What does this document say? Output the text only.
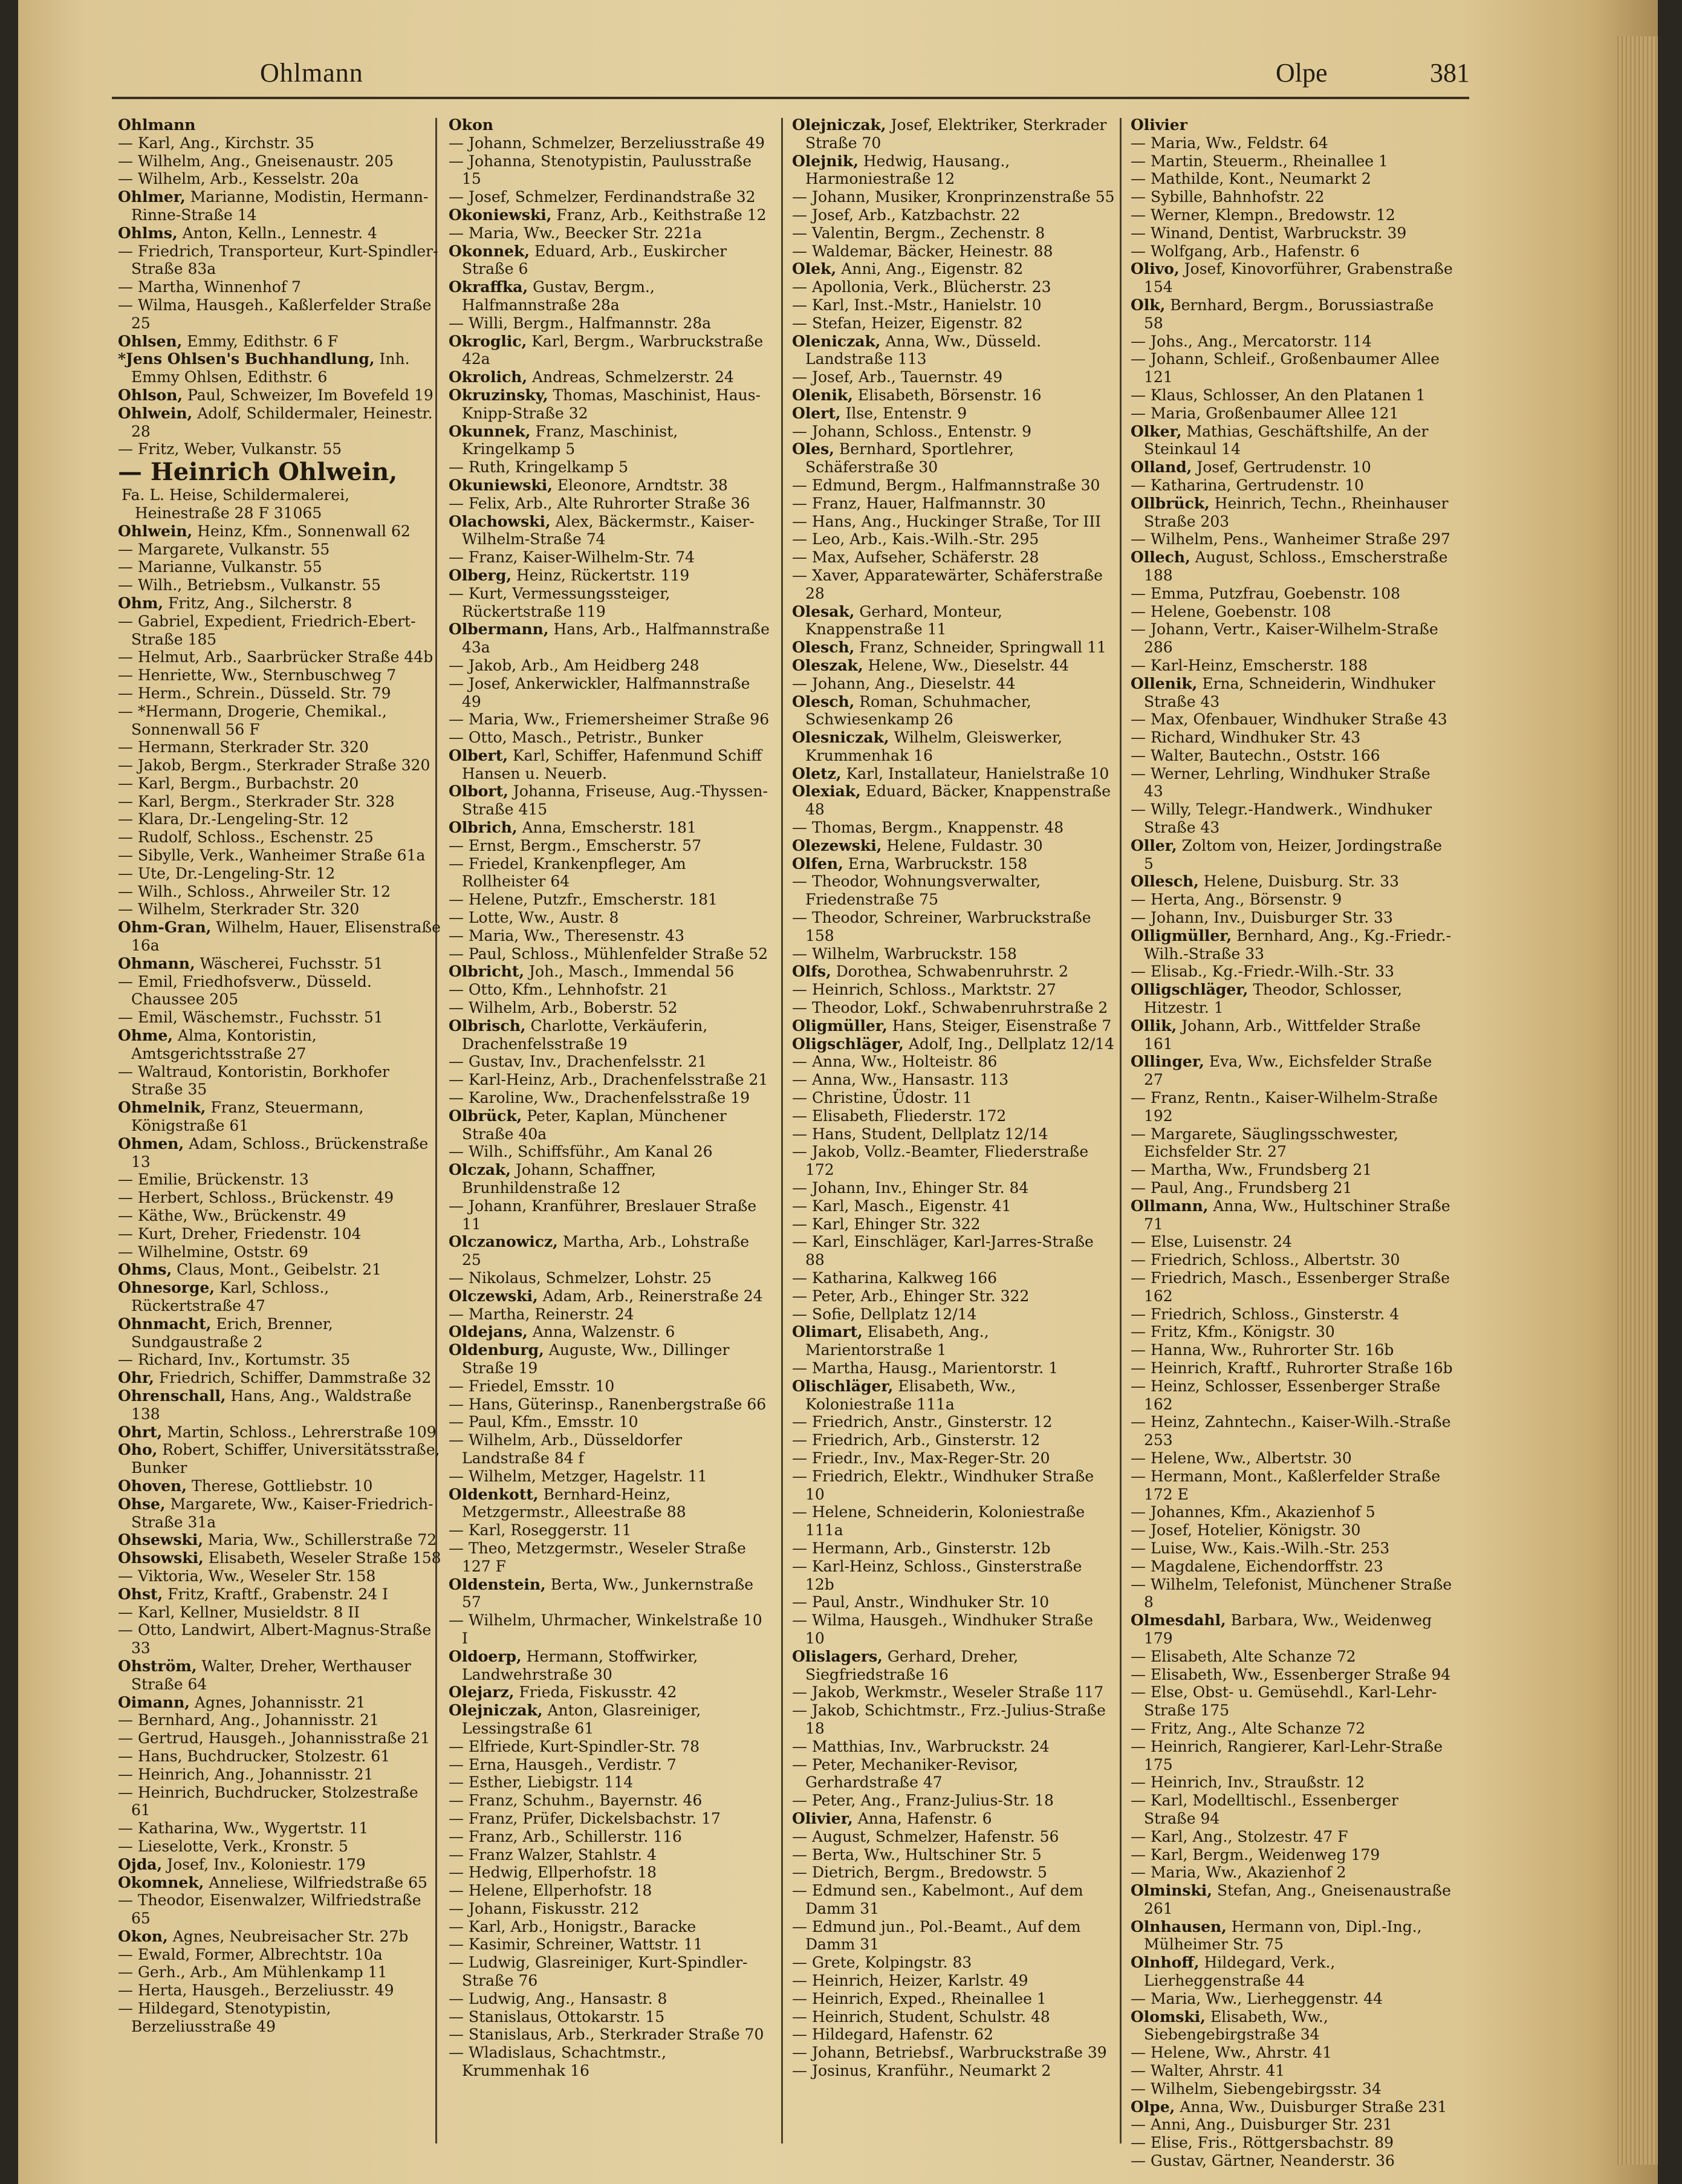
Ohlmann	Olpe	381
Ohlmann
— Karl, Ang., Kirchstr. 35
— Wilhelm, Ang., Gneisenaustr. 205
— Wilhelm, Arb., Kesselstr. 20a
Ohlmer, Marianne, Modistin, Hermann-Rinne-Straße 14
Ohlms, Anton, Kelln., Lennestr. 4
— Friedrich, Transporteur, Kurt-Spindler-Straße 83a
— Martha, Winnenhof 7
— Wilma, Hausgeh., Kaßlerfelder Straße 25
Ohlsen, Emmy, Edithstr. 6 F
*Jens Ohlsen's Buchhandlung, Inh. Emmy Ohlsen, Edithstr. 6
Ohlson, Paul, Schweizer, Im Bovefeld 19
Ohlwein, Adolf, Schildermaler, Heinestr. 28
— Fritz, Weber, Vulkanstr. 55
— Heinrich Ohlwein,
Fa. L. Heise, Schildermalerei, Heinestraße 28 F 31065
Ohlwein, Heinz, Kfm., Sonnenwall 62
— Margarete, Vulkanstr. 55
— Marianne, Vulkanstr. 55
— Wilh., Betriebsm., Vulkanstr. 55
Ohm, Fritz, Ang., Silcherstr. 8
— Gabriel, Expedient, Friedrich-Ebert-Straße 185
— Helmut, Arb., Saarbrücker Straße 44b
— Henriette, Ww., Sternbuschweg 7
— Herm., Schrein., Düsseld. Str. 79
— *Hermann, Drogerie, Chemikal., Sonnenwall 56 F
— Hermann, Sterkrader Str. 320
— Jakob, Bergm., Sterkrader Straße 320
— Karl, Bergm., Burbachstr. 20
— Karl, Bergm., Sterkrader Str. 328
— Klara, Dr.-Lengeling-Str. 12
— Rudolf, Schloss., Eschenstr. 25
— Sibylle, Verk., Wanheimer Straße 61a
— Ute, Dr.-Lengeling-Str. 12
— Wilh., Schloss., Ahrweiler Str. 12
— Wilhelm, Sterkrader Str. 320
Ohm-Gran, Wilhelm, Hauer, Elisenstraße 16a
Ohmann, Wäscherei, Fuchsstr. 51
— Emil, Friedhofsverw., Düsseld. Chaussee 205
— Emil, Wäschemstr., Fuchsstr. 51
Ohme, Alma, Kontoristin, Amtsgerichtsstraße 27
— Waltraud, Kontoristin, Borkhofer Straße 35
Ohmelnik, Franz, Steuermann, Königstraße 61
Ohmen, Adam, Schloss., Brückenstraße 13
— Emilie, Brückenstr. 13
— Herbert, Schloss., Brückenstr. 49
— Käthe, Ww., Brückenstr. 49
— Kurt, Dreher, Friedenstr. 104
— Wilhelmine, Oststr. 69
Ohms, Claus, Mont., Geibelstr. 21
Ohnesorge, Karl, Schloss., Rückertstraße 47
Ohnmacht, Erich, Brenner, Sundgaustraße 2
— Richard, Inv., Kortumstr. 35
Ohr, Friedrich, Schiffer, Dammstraße 32
Ohrenschall, Hans, Ang., Waldstraße 138
Ohrt, Martin, Schloss., Lehrerstraße 109
Oho, Robert, Schiffer, Universitätsstraße, Bunker
Ohoven, Therese, Gottliebstr. 10
Ohse, Margarete, Ww., Kaiser-Friedrich-Straße 31a
Ohsewski, Maria, Ww., Schillerstraße 72
Ohsowski, Elisabeth, Weseler Straße 158
— Viktoria, Ww., Weseler Str. 158
Ohst, Fritz, Kraftf., Grabenstr. 24 I
— Karl, Kellner, Musieldstr. 8 II
— Otto, Landwirt, Albert-Magnus-Straße 33
Ohström, Walter, Dreher, Werthauser Straße 64
Oimann, Agnes, Johannisstr. 21
— Bernhard, Ang., Johannisstr. 21
— Gertrud, Hausgeh., Johannisstraße 21
— Hans, Buchdrucker, Stolzestr. 61
— Heinrich, Ang., Johannisstr. 21
— Heinrich, Buchdrucker, Stolzestraße 61
— Katharina, Ww., Wygertstr. 11
— Lieselotte, Verk., Kronstr. 5
Ojda, Josef, Inv., Koloniestr. 179
Okomnek, Anneliese, Wilfriedstraße 65
— Theodor, Eisenwalzer, Wilfriedstraße 65
Okon, Agnes, Neubreisacher Str. 27b
— Ewald, Former, Albrechtstr. 10a
— Gerh., Arb., Am Mühlenkamp 11
— Herta, Hausgeh., Berzeliusstr. 49
— Hildegard, Stenotypistin, Berzeliusstraße 49
Okon
— Johann, Schmelzer, Berzeliusstraße 49
— Johanna, Stenotypistin, Paulusstraße 15
— Josef, Schmelzer, Ferdinandstraße 32
Okoniewski, Franz, Arb., Keithstraße 12
— Maria, Ww., Beecker Str. 221a
Okonnek, Eduard, Arb., Euskircher Straße 6
Okraffka, Gustav, Bergm., Halfmannstraße 28a
— Willi, Bergm., Halfmannstr. 28a
Okroglic, Karl, Bergm., Warbruckstraße 42a
Okrolich, Andreas, Schmelzerstr. 24
Okruzinsky, Thomas, Maschinist, Haus-Knipp-Straße 32
Okunnek, Franz, Maschinist, Kringelkamp 5
— Ruth, Kringelkamp 5
Okuniewski, Eleonore, Arndtstr. 38
— Felix, Arb., Alte Ruhrorter Straße 36
Olachowski, Alex, Bäckermstr., Kaiser-Wilhelm-Straße 74
— Franz, Kaiser-Wilhelm-Str. 74
Olberg, Heinz, Rückertstr. 119
— Kurt, Vermessungssteiger, Rückertstraße 119
Olbermann, Hans, Arb., Halfmannstraße 43a
— Jakob, Arb., Am Heidberg 248
— Josef, Ankerwickler, Halfmannstraße 49
— Maria, Ww., Friemersheimer Straße 96
— Otto, Masch., Petristr., Bunker
Olbert, Karl, Schiffer, Hafenmund Schiff Hansen u. Neuerb.
Olbort, Johanna, Friseuse, Aug.-Thyssen-Straße 415
Olbrich, Anna, Emscherstr. 181
— Ernst, Bergm., Emscherstr. 57
— Friedel, Krankenpfleger, Am Rollheister 64
— Helene, Putzfr., Emscherstr. 181
— Lotte, Ww., Austr. 8
— Maria, Ww., Theresenstr. 43
— Paul, Schloss., Mühlenfelder Straße 52
Olbricht, Joh., Masch., Immendal 56
— Otto, Kfm., Lehnhofstr. 21
— Wilhelm, Arb., Boberstr. 52
Olbrisch, Charlotte, Verkäuferin, Drachenfelsstraße 19
— Gustav, Inv., Drachenfelsstr. 21
— Karl-Heinz, Arb., Drachenfelsstraße 21
— Karoline, Ww., Drachenfelsstraße 19
Olbrück, Peter, Kaplan, Münchener Straße 40a
— Wilh., Schiffsführ., Am Kanal 26
Olczak, Johann, Schaffner, Brunhildenstraße 12
— Johann, Kranführer, Breslauer Straße 11
Olczanowicz, Martha, Arb., Lohstraße 25
— Nikolaus, Schmelzer, Lohstr. 25
Olczewski, Adam, Arb., Reinerstraße 24
— Martha, Reinerstr. 24
Oldejans, Anna, Walzenstr. 6
Oldenburg, Auguste, Ww., Dillinger Straße 19
— Friedel, Emsstr. 10
— Hans, Güterinsp., Ranenbergstraße 66
— Paul, Kfm., Emsstr. 10
— Wilhelm, Arb., Düsseldorfer Landstraße 84 f
— Wilhelm, Metzger, Hagelstr. 11
Oldenkott, Bernhard-Heinz, Metzgermstr., Alleestraße 88
— Karl, Roseggerstr. 11
— Theo, Metzgermstr., Weseler Straße 127 F
Oldenstein, Berta, Ww., Junkernstraße 57
— Wilhelm, Uhrmacher, Winkelstraße 10 I
Oldoerp, Hermann, Stoffwirker, Landwehrstraße 30
Olejarz, Frieda, Fiskusstr. 42
Olejniczak, Anton, Glasreiniger, Lessingstraße 61
— Elfriede, Kurt-Spindler-Str. 78
— Erna, Hausgeh., Verdistr. 7
— Esther, Liebigstr. 114
— Franz, Schuhm., Bayernstr. 46
— Franz, Prüfer, Dickelsbachstr. 17
— Franz, Arb., Schillerstr. 116
— Franz Walzer, Stahlstr. 4
— Hedwig, Ellperhofstr. 18
— Helene, Ellperhofstr. 18
— Johann, Fiskusstr. 212
— Karl, Arb., Honigstr., Baracke
— Kasimir, Schreiner, Wattstr. 11
— Ludwig, Glasreiniger, Kurt-Spindler-Straße 76
— Ludwig, Ang., Hansastr. 8
— Stanislaus, Ottokarstr. 15
— Stanislaus, Arb., Sterkrader Straße 70
— Wladislaus, Schachtmstr., Krummenhak 16
Olejniczak, Josef, Elektriker, Sterkrader Straße 70
Olejnik, Hedwig, Hausang., Harmoniestraße 12
— Johann, Musiker, Kronprinzenstraße 55
— Josef, Arb., Katzbachstr. 22
— Valentin, Bergm., Zechenstr. 8
— Waldemar, Bäcker, Heinestr. 88
Olek, Anni, Ang., Eigenstr. 82
— Apollonia, Verk., Blücherstr. 23
— Karl, Inst.-Mstr., Hanielstr. 10
— Stefan, Heizer, Eigenstr. 82
Oleniczak, Anna, Ww., Düsseld. Landstraße 113
— Josef, Arb., Tauernstr. 49
Olenik, Elisabeth, Börsenstr. 16
Olert, Ilse, Entenstr. 9
— Johann, Schloss., Entenstr. 9
Oles, Bernhard, Sportlehrer, Schäferstraße 30
— Edmund, Bergm., Halfmannstraße 30
— Franz, Hauer, Halfmannstr. 30
— Hans, Ang., Huckinger Straße, Tor III
— Leo, Arb., Kais.-Wilh.-Str. 295
— Max, Aufseher, Schäferstr. 28
— Xaver, Apparatewärter, Schäferstraße 28
Olesak, Gerhard, Monteur, Knappenstraße 11
Olesch, Franz, Schneider, Springwall 11
Oleszak, Helene, Ww., Dieselstr. 44
— Johann, Ang., Dieselstr. 44
Olesch, Roman, Schuhmacher, Schwiesenkamp 26
Olesniczak, Wilhelm, Gleiswerker, Krummenhak 16
Oletz, Karl, Installateur, Hanielstraße 10
Olexiak, Eduard, Bäcker, Knappenstraße 48
— Thomas, Bergm., Knappenstr. 48
Olezewski, Helene, Fuldastr. 30
Olfen, Erna, Warbruckstr. 158
— Theodor, Wohnungsverwalter, Friedenstraße 75
— Theodor, Schreiner, Warbruckstraße 158
— Wilhelm, Warbruckstr. 158
Olfs, Dorothea, Schwabenruhrstr. 2
— Heinrich, Schloss., Marktstr. 27
— Theodor, Lokf., Schwabenruhrstraße 2
Oligmüller, Hans, Steiger, Eisenstraße 7
Oligschläger, Adolf, Ing., Dellplatz 12/14
— Anna, Ww., Holteistr. 86
— Anna, Ww., Hansastr. 113
— Christine, Üdostr. 11
— Elisabeth, Fliederstr. 172
— Hans, Student, Dellplatz 12/14
— Jakob, Vollz.-Beamter, Fliederstraße 172
— Johann, Inv., Ehinger Str. 84
— Karl, Masch., Eigenstr. 41
— Karl, Ehinger Str. 322
— Karl, Einschläger, Karl-Jarres-Straße 88
— Katharina, Kalkweg 166
— Peter, Arb., Ehinger Str. 322
— Sofie, Dellplatz 12/14
Olimart, Elisabeth, Ang., Marientorstraße 1
— Martha, Hausg., Marientorstr. 1
Olischläger, Elisabeth, Ww., Koloniestraße 111a
— Friedrich, Anstr., Ginsterstr. 12
— Friedrich, Arb., Ginsterstr. 12
— Friedr., Inv., Max-Reger-Str. 20
— Friedrich, Elektr., Windhuker Straße 10
— Helene, Schneiderin, Koloniestraße 111a
— Hermann, Arb., Ginsterstr. 12b
— Karl-Heinz, Schloss., Ginsterstraße 12b
— Paul, Anstr., Windhuker Str. 10
— Wilma, Hausgeh., Windhuker Straße 10
Olislagers, Gerhard, Dreher, Siegfriedstraße 16
— Jakob, Werkmstr., Weseler Straße 117
— Jakob, Schichtmstr., Frz.-Julius-Straße 18
— Matthias, Inv., Warbruckstr. 24
— Peter, Mechaniker-Revisor, Gerhardstraße 47
— Peter, Ang., Franz-Julius-Str. 18
Olivier, Anna, Hafenstr. 6
— August, Schmelzer, Hafenstr. 56
— Berta, Ww., Hultschiner Str. 5
— Dietrich, Bergm., Bredowstr. 5
— Edmund sen., Kabelmont., Auf dem Damm 31
— Edmund jun., Pol.-Beamt., Auf dem Damm 31
— Grete, Kolpingstr. 83
— Heinrich, Heizer, Karlstr. 49
— Heinrich, Exped., Rheinallee 1
— Heinrich, Student, Schulstr. 48
— Hildegard, Hafenstr. 62
— Johann, Betriebsf., Warbruckstraße 39
— Josinus, Kranführ., Neumarkt 2
Olivier
— Maria, Ww., Feldstr. 64
— Martin, Steuerm., Rheinallee 1
— Mathilde, Kont., Neumarkt 2
— Sybille, Bahnhofstr. 22
— Werner, Klempn., Bredowstr. 12
— Winand, Dentist, Warbruckstr. 39
— Wolfgang, Arb., Hafenstr. 6
Olivo, Josef, Kinovorführer, Grabenstraße 154
Olk, Bernhard, Bergm., Borussiastraße 58
— Johs., Ang., Mercatorstr. 114
— Johann, Schleif., Großenbaumer Allee 121
— Klaus, Schlosser, An den Platanen 1
— Maria, Großenbaumer Allee 121
Olker, Mathias, Geschäftshilfe, An der Steinkaul 14
Olland, Josef, Gertrudenstr. 10
— Katharina, Gertrudenstr. 10
Ollbrück, Heinrich, Techn., Rheinhauser Straße 203
— Wilhelm, Pens., Wanheimer Straße 297
Ollech, August, Schloss., Emscherstraße 188
— Emma, Putzfrau, Goebenstr. 108
— Helene, Goebenstr. 108
— Johann, Vertr., Kaiser-Wilhelm-Straße 286
— Karl-Heinz, Emscherstr. 188
Ollenik, Erna, Schneiderin, Windhuker Straße 43
— Max, Ofenbauer, Windhuker Straße 43
— Richard, Windhuker Str. 43
— Walter, Bautechn., Oststr. 166
— Werner, Lehrling, Windhuker Straße 43
— Willy, Telegr.-Handwerk., Windhuker Straße 43
Oller, Zoltom von, Heizer, Jordingstraße 5
Ollesch, Helene, Duisburg. Str. 33
— Herta, Ang., Börsenstr. 9
— Johann, Inv., Duisburger Str. 33
Olligmüller, Bernhard, Ang., Kg.-Friedr.-Wilh.-Straße 33
— Elisab., Kg.-Friedr.-Wilh.-Str. 33
Olligschläger, Theodor, Schlosser, Hitzestr. 1
Ollik, Johann, Arb., Wittfelder Straße 161
Ollinger, Eva, Ww., Eichsfelder Straße 27
— Franz, Rentn., Kaiser-Wilhelm-Straße 192
— Margarete, Säuglingsschwester, Eichsfelder Str. 27
— Martha, Ww., Frundsberg 21
— Paul, Ang., Frundsberg 21
Ollmann, Anna, Ww., Hultschiner Straße 71
— Else, Luisenstr. 24
— Friedrich, Schloss., Albertstr. 30
— Friedrich, Masch., Essenberger Straße 162
— Friedrich, Schloss., Ginsterstr. 4
— Fritz, Kfm., Königstr. 30
— Hanna, Ww., Ruhrorter Str. 16b
— Heinrich, Kraftf., Ruhrorter Straße 16b
— Heinz, Schlosser, Essenberger Straße 162
— Heinz, Zahntechn., Kaiser-Wilh.-Straße 253
— Helene, Ww., Albertstr. 30
— Hermann, Mont., Kaßlerfelder Straße 172 E
— Johannes, Kfm., Akazienhof 5
— Josef, Hotelier, Königstr. 30
— Luise, Ww., Kais.-Wilh.-Str. 253
— Magdalene, Eichendorffstr. 23
— Wilhelm, Telefonist, Münchener Straße 8
Olmesdahl, Barbara, Ww., Weidenweg 179
— Elisabeth, Alte Schanze 72
— Elisabeth, Ww., Essenberger Straße 94
— Else, Obst- u. Gemüsehdl., Karl-Lehr-Straße 175
— Fritz, Ang., Alte Schanze 72
— Heinrich, Rangierer, Karl-Lehr-Straße 175
— Heinrich, Inv., Straußstr. 12
— Karl, Modelltischl., Essenberger Straße 94
— Karl, Ang., Stolzestr. 47 F
— Karl, Bergm., Weidenweg 179
— Maria, Ww., Akazienhof 2
Olminski, Stefan, Ang., Gneisenaustraße 261
Olnhausen, Hermann von, Dipl.-Ing., Mülheimer Str. 75
Olnhoff, Hildegard, Verk., Lierheggenstraße 44
— Maria, Ww., Lierheggenstr. 44
Olomski, Elisabeth, Ww., Siebengebirgstraße 34
— Helene, Ww., Ahrstr. 41
— Walter, Ahrstr. 41
— Wilhelm, Siebengebirgsstr. 34
Olpe, Anna, Ww., Duisburger Straße 231
— Anni, Ang., Duisburger Str. 231
— Elise, Fris., Röttgersbachstr. 89
— Gustav, Gärtner, Neanderstr. 36
